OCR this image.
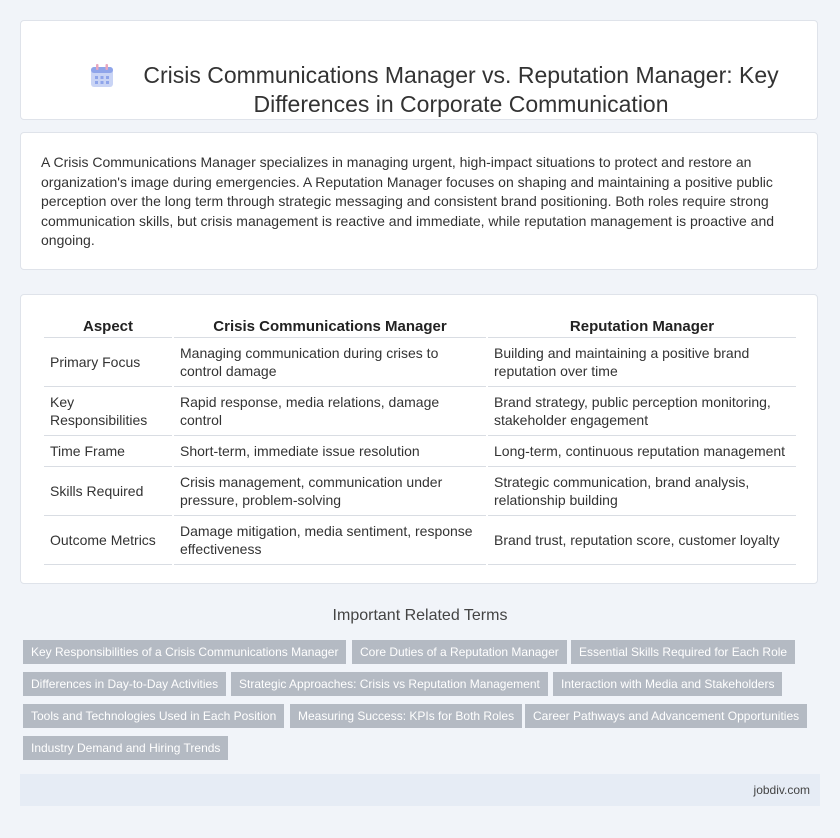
Crisis Communications Manager vs. Reputation Manager: Key Differences in Corporate Communication

A Crisis Communications Manager specializes in managing urgent, high-impact situations to protect and restore an organization's image during emergencies. A Reputation Manager focuses on shaping and maintaining a positive public perception over the long term through strategic messaging and consistent brand positioning. Both roles require strong communication skills, but crisis management is reactive and immediate, while reputation management is proactive and ongoing.

Aspect	Crisis Communications Manager	Reputation Manager
Primary Focus	Managing communication during crises to control damage	Building and maintaining a positive brand reputation over time
Key Responsibilities	Rapid response, media relations, damage control	Brand strategy, public perception monitoring, stakeholder engagement
Time Frame	Short-term, immediate issue resolution	Long-term, continuous reputation management
Skills Required	Crisis management, communication under pressure, problem-solving	Strategic communication, brand analysis, relationship building
Outcome Metrics	Damage mitigation, media sentiment, response effectiveness	Brand trust, reputation score, customer loyalty
Important Related Terms
Key Responsibilities of a Crisis Communications Manager	Core Duties of a Reputation Manager	Essential Skills Required for Each Role
Differences in Day-to-Day Activities	Strategic Approaches: Crisis vs Reputation Management	Interaction with Media and Stakeholders
Tools and Technologies Used in Each Position	Measuring Success: KPIs for Both Roles	Career Pathways and Advancement Opportunities
Industry Demand and Hiring Trends
jobdiv.com
